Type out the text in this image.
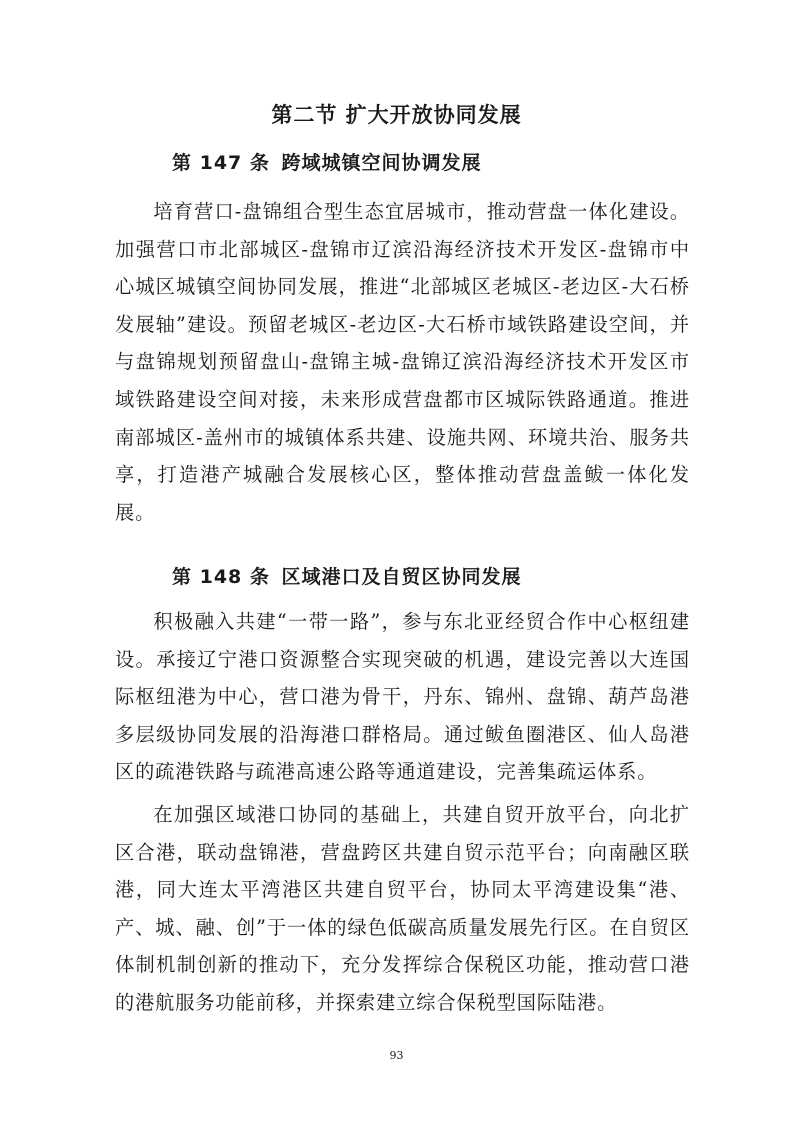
第二节 扩大开放协同发展
第 147 条 跨域城镇空间协调发展

培育营口-盘锦组合型生态宜居城市，推动营盘一体化建设。加强营口市北部城区-盘锦市辽滨沿海经济技术开发区-盘锦市中心城区城镇空间协同发展，推进“北部城区老城区-老边区-大石桥发展轴”建设。预留老城区-老边区-大石桥市域铁路建设空间，并与盘锦规划预留盘山-盘锦主城-盘锦辽滨沿海经济技术开发区市域铁路建设空间对接，未来形成营盘都市区城际铁路通道。推进南部城区-盖州市的城镇体系共建、设施共网、环境共治、服务共享，打造港产城融合发展核心区，整体推动营盘盖鲅一体化发展。

第 148 条 区域港口及自贸区协同发展

积极融入共建“一带一路”，参与东北亚经贸合作中心枢纽建设。承接辽宁港口资源整合实现突破的机遇，建设完善以大连国际枢纽港为中心，营口港为骨干，丹东、锦州、盘锦、葫芦岛港多层级协同发展的沿海港口群格局。通过鲅鱼圈港区、仙人岛港区的疏港铁路与疏港高速公路等通道建设，完善集疏运体系。

在加强区域港口协同的基础上，共建自贸开放平台，向北扩区合港，联动盘锦港，营盘跨区共建自贸示范平台；向南融区联港，同大连太平湾港区共建自贸平台，协同太平湾建设集“港、产、城、融、创”于一体的绿色低碳高质量发展先行区。在自贸区体制机制创新的推动下，充分发挥综合保税区功能，推动营口港的港航服务功能前移，并探索建立综合保税型国际陆港。

93
